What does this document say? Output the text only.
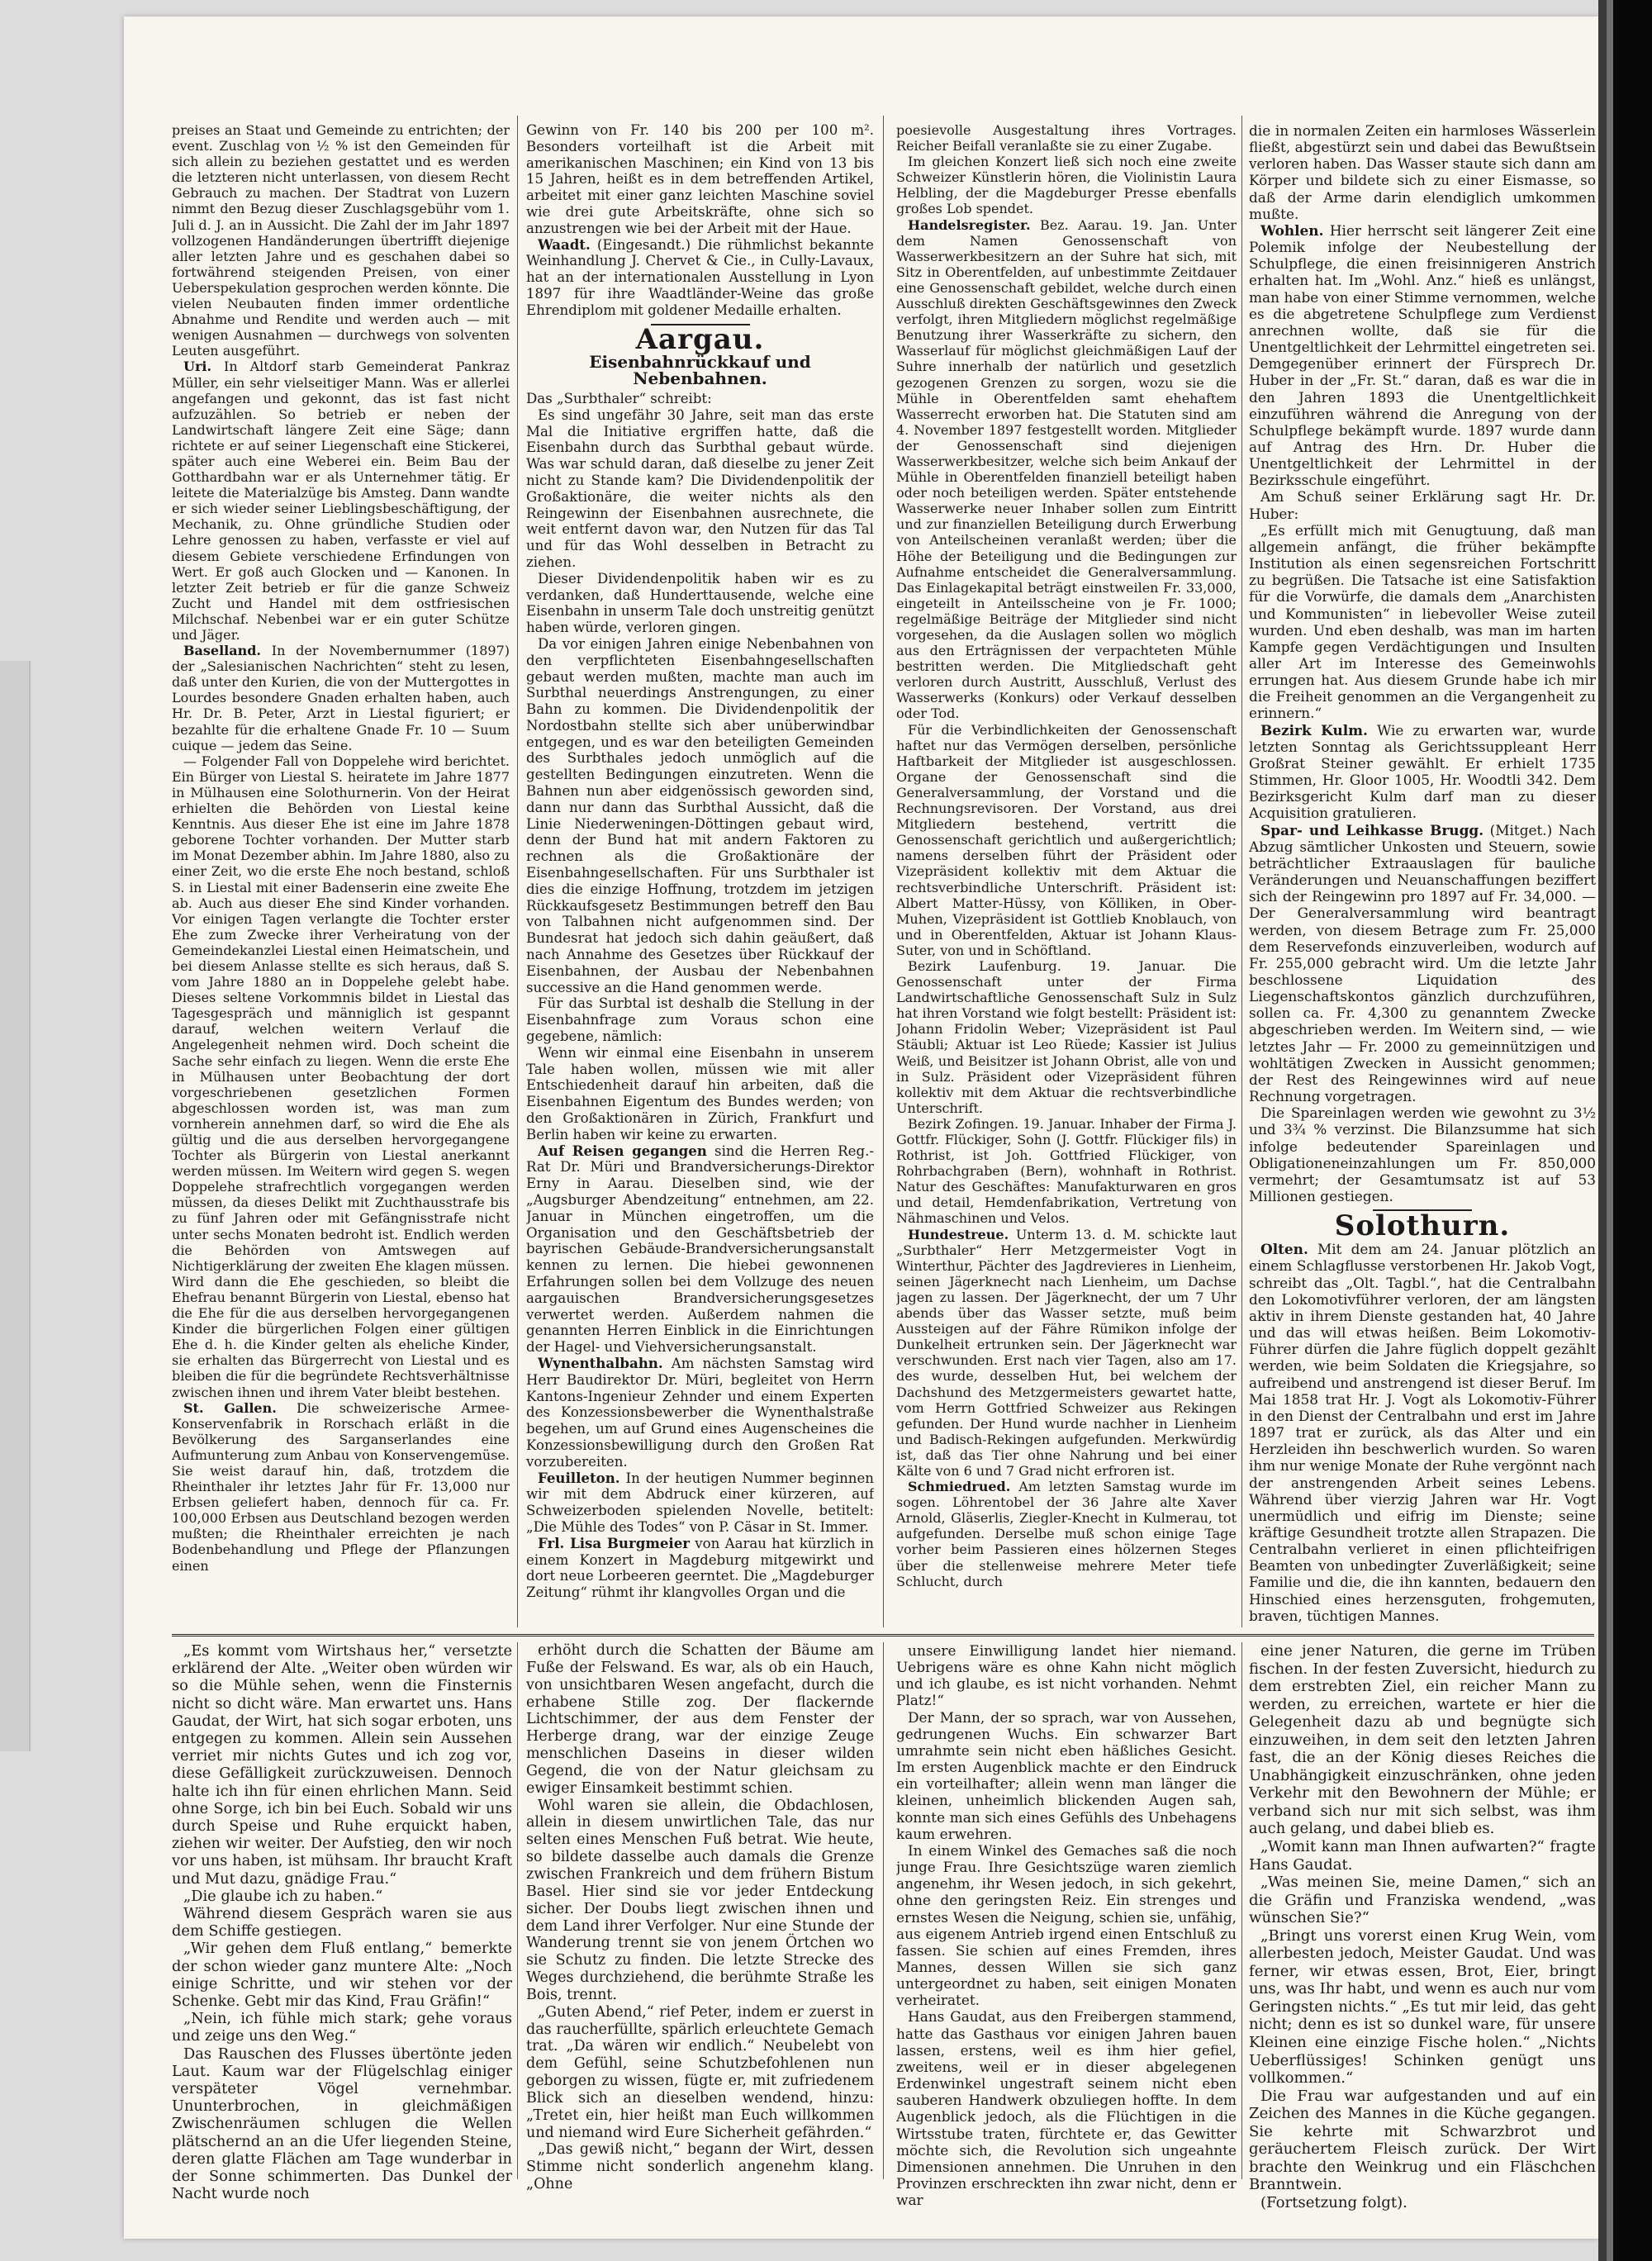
preises an Staat und Gemeinde zu entrichten; der event. Zuschlag von ½ % ist den Gemeinden für sich allein zu beziehen gestattet und es werden die letzteren nicht unterlassen, von diesem Recht Gebrauch zu machen. Der Stadtrat von Luzern nimmt den Bezug dieser Zuschlagsgebühr vom 1. Juli d. J. an in Aussicht. Die Zahl der im Jahr 1897 vollzogenen Handänderungen übertrifft diejenige aller letzten Jahre und es geschahen dabei so fortwährend steigenden Preisen, von einer Ueberspekulation gesprochen werden könnte. Die vielen Neubauten finden immer ordentliche Abnahme und Rendite und werden auch — mit wenigen Ausnahmen — durchwegs von solventen Leuten ausgeführt.

Uri. In Altdorf starb Gemeinderat Pankraz Müller, ein sehr vielseitiger Mann. Was er allerlei angefangen und gekonnt, das ist fast nicht aufzuzählen. So betrieb er neben der Landwirtschaft längere Zeit eine Säge; dann richtete er auf seiner Liegenschaft eine Stickerei, später auch eine Weberei ein. Beim Bau der Gotthardbahn war er als Unternehmer tätig. Er leitete die Materialzüge bis Amsteg. Dann wandte er sich wieder seiner Lieblingsbeschäftigung, der Mechanik, zu. Ohne gründliche Studien oder Lehre genossen zu haben, verfasste er viel auf diesem Gebiete verschiedene Erfindungen von Wert. Er goß auch Glocken und — Kanonen. In letzter Zeit betrieb er für die ganze Schweiz Zucht und Handel mit dem ostfriesischen Milchschaf. Nebenbei war er ein guter Schütze und Jäger.

Baselland. In der Novembernummer (1897) der „Salesianischen Nachrichten“ steht zu lesen, daß unter den Kurien, die von der Muttergottes in Lourdes besondere Gnaden erhalten haben, auch Hr. Dr. B. Peter, Arzt in Liestal figuriert; er bezahlte für die erhaltene Gnade Fr. 10 — Suum cuique — jedem das Seine.

— Folgender Fall von Doppelehe wird berichtet. Ein Bürger von Liestal S. heiratete im Jahre 1877 in Mülhausen eine Solothurnerin. Von der Heirat erhielten die Behörden von Liestal keine Kenntnis. Aus dieser Ehe ist eine im Jahre 1878 geborene Tochter vorhanden. Der Mutter starb im Monat Dezember abhin. Im Jahre 1880, also zu einer Zeit, wo die erste Ehe noch bestand, schloß S. in Liestal mit einer Badenserin eine zweite Ehe ab. Auch aus dieser Ehe sind Kinder vorhanden. Vor einigen Tagen verlangte die Tochter erster Ehe zum Zwecke ihrer Verheiratung von der Gemeindekanzlei Liestal einen Heimatschein, und bei diesem Anlasse stellte es sich heraus, daß S. vom Jahre 1880 an in Doppelehe gelebt habe. Dieses seltene Vorkommnis bildet in Liestal das Tagesgespräch und männiglich ist gespannt darauf, welchen weitern Verlauf die Angelegenheit nehmen wird. Doch scheint die Sache sehr einfach zu liegen. Wenn die erste Ehe in Mülhausen unter Beobachtung der dort vorgeschriebenen gesetzlichen Formen abgeschlossen worden ist, was man zum vornherein annehmen darf, so wird die Ehe als gültig und die aus derselben hervorgegangene Tochter als Bürgerin von Liestal anerkannt werden müssen. Im Weitern wird gegen S. wegen Doppelehe strafrechtlich vorgegangen werden müssen, da dieses Delikt mit Zuchthausstrafe bis zu fünf Jahren oder mit Gefängnisstrafe nicht unter sechs Monaten bedroht ist. Endlich werden die Behörden von Amtswegen auf Nichtigerklärung der zweiten Ehe klagen müssen. Wird dann die Ehe geschieden, so bleibt die Ehefrau benannt Bürgerin von Liestal, ebenso hat die Ehe für die aus derselben hervorgegangenen Kinder die bürgerlichen Folgen einer gültigen Ehe d. h. die Kinder gelten als eheliche Kinder, sie erhalten das Bürgerrecht von Liestal und es bleiben die für die begründete Rechtsverhältnisse zwischen ihnen und ihrem Vater bleibt bestehen.

St. Gallen. Die schweizerische Armee-Konservenfabrik in Rorschach erläßt in die Bevölkerung des Sarganserlandes eine Aufmunterung zum Anbau von Konservengemüse. Sie weist darauf hin, daß, trotzdem die Rheinthaler ihr letztes Jahr für Fr. 13,000 nur Erbsen geliefert haben, dennoch für ca. Fr. 100,000 Erbsen aus Deutschland bezogen werden mußten; die Rheinthaler erreichten je nach Bodenbehandlung und Pflege der Pflanzungen einen

Gewinn von Fr. 140 bis 200 per 100 m². Besonders vorteilhaft ist die Arbeit mit amerikanischen Maschinen; ein Kind von 13 bis 15 Jahren, heißt es in dem betreffenden Artikel, arbeitet mit einer ganz leichten Maschine soviel wie drei gute Arbeitskräfte, ohne sich so anzustrengen wie bei der Arbeit mit der Haue.

Waadt. (Eingesandt.) Die rühmlichst bekannte Weinhandlung J. Chervet & Cie., in Cully-Lavaux, hat an der internationalen Ausstellung in Lyon 1897 für ihre Waadtländer-Weine das große Ehrendiplom mit goldener Medaille erhalten.

Aargau.
Eisenbahnrückkauf und Nebenbahnen.

Das „Surbthaler“ schreibt:

Es sind ungefähr 30 Jahre, seit man das erste Mal die Initiative ergriffen hatte, daß die Eisenbahn durch das Surbthal gebaut würde. Was war schuld daran, daß dieselbe zu jener Zeit nicht zu Stande kam? Die Dividendenpolitik der Großaktionäre, die weiter nichts als den Reingewinn der Eisenbahnen ausrechnete, die weit entfernt davon war, den Nutzen für das Tal und für das Wohl desselben in Betracht zu ziehen.

Dieser Dividendenpolitik haben wir es zu verdanken, daß Hunderttausende, welche eine Eisenbahn in unserm Tale doch unstreitig genützt haben würde, verloren gingen.

Da vor einigen Jahren einige Nebenbahnen von den verpflichteten Eisenbahngesellschaften gebaut werden mußten, machte man auch im Surbthal neuerdings Anstrengungen, zu einer Bahn zu kommen. Die Dividendenpolitik der Nordostbahn stellte sich aber unüberwindbar entgegen, und es war den beteiligten Gemeinden des Surbthales jedoch unmöglich auf die gestellten Bedingungen einzutreten. Wenn die Bahnen nun aber eidgenössisch geworden sind, dann nur dann das Surbthal Aussicht, daß die Linie Niederweningen-Döttingen gebaut wird, denn der Bund hat mit andern Faktoren zu rechnen als die Großaktionäre der Eisenbahngesellschaften. Für uns Surbthaler ist dies die einzige Hoffnung, trotzdem im jetzigen Rückkaufsgesetz Bestimmungen betreff den Bau von Talbahnen nicht aufgenommen sind. Der Bundesrat hat jedoch sich dahin geäußert, daß nach Annahme des Gesetzes über Rückkauf der Eisenbahnen, der Ausbau der Nebenbahnen successive an die Hand genommen werde.

Für das Surbtal ist deshalb die Stellung in der Eisenbahnfrage zum Voraus schon eine gegebene, nämlich:

Wenn wir einmal eine Eisenbahn in unserem Tale haben wollen, müssen wie mit aller Entschiedenheit darauf hin arbeiten, daß die Eisenbahnen Eigentum des Bundes werden; von den Großaktionären in Zürich, Frankfurt und Berlin haben wir keine zu erwarten.

Auf Reisen gegangen sind die Herren Reg.-Rat Dr. Müri und Brandversicherungs-Direktor Erny in Aarau. Dieselben sind, wie der „Augsburger Abendzeitung“ entnehmen, am 22. Januar in München eingetroffen, um die Organisation und den Geschäftsbetrieb der bayrischen Gebäude-Brandversicherungsanstalt kennen zu lernen. Die hiebei gewonnenen Erfahrungen sollen bei dem Vollzuge des neuen aargauischen Brandversicherungsgesetzes verwertet werden. Außerdem nahmen die genannten Herren Einblick in die Einrichtungen der Hagel- und Viehversicherungsanstalt.

Wynenthalbahn. Am nächsten Samstag wird Herr Baudirektor Dr. Müri, begleitet von Herrn Kantons-Ingenieur Zehnder und einem Experten des Konzessionsbewerber die Wynenthalstraße begehen, um auf Grund eines Augenscheines die Konzessionsbewilligung durch den Großen Rat vorzubereiten.

Feuilleton. In der heutigen Nummer beginnen wir mit dem Abdruck einer kürzeren, auf Schweizerboden spielenden Novelle, betitelt: „Die Mühle des Todes“ von P. Cäsar in St. Immer.

Frl. Lisa Burgmeier von Aarau hat kürzlich in einem Konzert in Magdeburg mitgewirkt und dort neue Lorbeeren geerntet. Die „Magdeburger Zeitung“ rühmt ihr klangvolles Organ und die

poesievolle Ausgestaltung ihres Vortrages. Reicher Beifall veranlaßte sie zu einer Zugabe.

Im gleichen Konzert ließ sich noch eine zweite Schweizer Künstlerin hören, die Violinistin Laura Helbling, der die Magdeburger Presse ebenfalls großes Lob spendet.

Handelsregister. Bez. Aarau. 19. Jan. Unter dem Namen Genossenschaft von Wasserwerkbesitzern an der Suhre hat sich, mit Sitz in Oberentfelden, auf unbestimmte Zeitdauer eine Genossenschaft gebildet, welche durch einen Ausschluß direkten Geschäftsgewinnes den Zweck verfolgt, ihren Mitgliedern möglichst regelmäßige Benutzung ihrer Wasserkräfte zu sichern, den Wasserlauf für möglichst gleichmäßigen Lauf der Suhre innerhalb der natürlich und gesetzlich gezogenen Grenzen zu sorgen, wozu sie die Mühle in Oberentfelden samt ehehaftem Wasserrecht erworben hat. Die Statuten sind am 4. November 1897 festgestellt worden. Mitglieder der Genossenschaft sind diejenigen Wasserwerkbesitzer, welche sich beim Ankauf der Mühle in Oberentfelden finanziell beteiligt haben oder noch beteiligen werden. Später entstehende Wasserwerke neuer Inhaber sollen zum Eintritt und zur finanziellen Beteiligung durch Erwerbung von Anteilscheinen veranlaßt werden; über die Höhe der Beteiligung und die Bedingungen zur Aufnahme entscheidet die Generalversammlung. Das Einlagekapital beträgt einstweilen Fr. 33,000, eingeteilt in Anteilsscheine von je Fr. 1000; regelmäßige Beiträge der Mitglieder sind nicht vorgesehen, da die Auslagen sollen wo möglich aus den Erträgnissen der verpachteten Mühle bestritten werden. Die Mitgliedschaft geht verloren durch Austritt, Ausschluß, Verlust des Wasserwerks (Konkurs) oder Verkauf desselben oder Tod.

Für die Verbindlichkeiten der Genossenschaft haftet nur das Vermögen derselben, persönliche Haftbarkeit der Mitglieder ist ausgeschlossen. Organe der Genossenschaft sind die Generalversammlung, der Vorstand und die Rechnungsrevisoren. Der Vorstand, aus drei Mitgliedern bestehend, vertritt die Genossenschaft gerichtlich und außergerichtlich; namens derselben führt der Präsident oder Vizepräsident kollektiv mit dem Aktuar die rechtsverbindliche Unterschrift. Präsident ist: Albert Matter-Hüssy, von Kölliken, in Ober-Muhen, Vizepräsident ist Gottlieb Knoblauch, von und in Oberentfelden, Aktuar ist Johann Klaus-Suter, von und in Schöftland.

Bezirk Laufenburg. 19. Januar. Die Genossenschaft unter der Firma Landwirtschaftliche Genossenschaft Sulz in Sulz hat ihren Vorstand wie folgt bestellt: Präsident ist: Johann Fridolin Weber; Vizepräsident ist Paul Stäubli; Aktuar ist Leo Rüede; Kassier ist Julius Weiß, und Beisitzer ist Johann Obrist, alle von und in Sulz. Präsident oder Vizepräsident führen kollektiv mit dem Aktuar die rechtsverbindliche Unterschrift.

Bezirk Zofingen. 19. Januar. Inhaber der Firma J. Gottfr. Flückiger, Sohn (J. Gottfr. Flückiger fils) in Rothrist, ist Joh. Gottfried Flückiger, von Rohrbachgraben (Bern), wohnhaft in Rothrist. Natur des Geschäftes: Manufakturwaren en gros und detail, Hemdenfabrikation, Vertretung von Nähmaschinen und Velos.

Hundestreue. Unterm 13. d. M. schickte laut „Surbthaler“ Herr Metzgermeister Vogt in Winterthur, Pächter des Jagdrevieres in Lienheim, seinen Jägerknecht nach Lienheim, um Dachse jagen zu lassen. Der Jägerknecht, der um 7 Uhr abends über das Wasser setzte, muß beim Aussteigen auf der Fähre Rümikon infolge der Dunkelheit ertrunken sein. Der Jägerknecht war verschwunden. Erst nach vier Tagen, also am 17. des wurde, desselben Hut, bei welchem der Dachshund des Metzgermeisters gewartet hatte, vom Herrn Gottfried Schweizer aus Rekingen gefunden. Der Hund wurde nachher in Lienheim und Badisch-Rekingen aufgefunden. Merkwürdig ist, daß das Tier ohne Nahrung und bei einer Kälte von 6 und 7 Grad nicht erfroren ist.

Schmiedrued. Am letzten Samstag wurde im sogen. Löhrentobel der 36 Jahre alte Xaver Arnold, Gläserlis, Ziegler-Knecht in Kulmerau, tot aufgefunden. Derselbe muß schon einige Tage vorher beim Passieren eines hölzernen Steges über die stellenweise mehrere Meter tiefe Schlucht, durch

die in normalen Zeiten ein harmloses Wässerlein fließt, abgestürzt sein und dabei das Bewußtsein verloren haben. Das Wasser staute sich dann am Körper und bildete sich zu einer Eismasse, so daß der Arme darin elendiglich umkommen mußte.

Wohlen. Hier herrscht seit längerer Zeit eine Polemik infolge der Neubestellung der Schulpflege, die einen freisinnigeren Anstrich erhalten hat. Im „Wohl. Anz.“ hieß es unlängst, man habe von einer Stimme vernommen, welche es die abgetretene Schulpflege zum Verdienst anrechnen wollte, daß sie für die Unentgeltlichkeit der Lehrmittel eingetreten sei. Demgegenüber erinnert der Fürsprech Dr. Huber in der „Fr. St.“ daran, daß es war die in den Jahren 1893 die Unentgeltlichkeit einzuführen während die Anregung von der Schulpflege bekämpft wurde. 1897 wurde dann auf Antrag des Hrn. Dr. Huber die Unentgeltlichkeit der Lehrmittel in der Bezirksschule eingeführt.

Am Schuß seiner Erklärung sagt Hr. Dr. Huber:

„Es erfüllt mich mit Genugtuung, daß man allgemein anfängt, die früher bekämpfte Institution als einen segensreichen Fortschritt zu begrüßen. Die Tatsache ist eine Satisfaktion für die Vorwürfe, die damals dem „Anarchisten und Kommunisten“ in liebevoller Weise zuteil wurden. Und eben deshalb, was man im harten Kampfe gegen Verdächtigungen und Insulten aller Art im Interesse des Gemeinwohls errungen hat. Aus diesem Grunde habe ich mir die Freiheit genommen an die Vergangenheit zu erinnern.“

Bezirk Kulm. Wie zu erwarten war, wurde letzten Sonntag als Gerichtssuppleant Herr Großrat Steiner gewählt. Er erhielt 1735 Stimmen, Hr. Gloor 1005, Hr. Woodtli 342. Dem Bezirksgericht Kulm darf man zu dieser Acquisition gratulieren.

Spar- und Leihkasse Brugg. (Mitget.) Nach Abzug sämtlicher Unkosten und Steuern, sowie beträchtlicher Extraauslagen für bauliche Veränderungen und Neuanschaffungen beziffert sich der Reingewinn pro 1897 auf Fr. 34,000. — Der Generalversammlung wird beantragt werden, von diesem Betrage zum Fr. 25,000 dem Reservefonds einzuverleiben, wodurch auf Fr. 255,000 gebracht wird. Um die letzte Jahr beschlossene Liquidation des Liegenschaftskontos gänzlich durchzuführen, sollen ca. Fr. 4,300 zu genanntem Zwecke abgeschrieben werden. Im Weitern sind, — wie letztes Jahr — Fr. 2000 zu gemeinnützigen und wohltätigen Zwecken in Aussicht genommen; der Rest des Reingewinnes wird auf neue Rechnung vorgetragen.

Die Spareinlagen werden wie gewohnt zu 3½ und 3¾ % verzinst. Die Bilanzsumme hat sich infolge bedeutender Spareinlagen und Obligationeneinzahlungen um Fr. 850,000 vermehrt; der Gesamtumsatz ist auf 53 Millionen gestiegen.

Solothurn.

Olten. Mit dem am 24. Januar plötzlich an einem Schlagflusse verstorbenen Hr. Jakob Vogt, schreibt das „Olt. Tagbl.“, hat die Centralbahn den Lokomotivführer verloren, der am längsten aktiv in ihrem Dienste gestanden hat, 40 Jahre und das will etwas heißen. Beim Lokomotiv-Führer dürfen die Jahre füglich doppelt gezählt werden, wie beim Soldaten die Kriegsjahre, so aufreibend und anstrengend ist dieser Beruf. Im Mai 1858 trat Hr. J. Vogt als Lokomotiv-Führer in den Dienst der Centralbahn und erst im Jahre 1897 trat er zurück, als das Alter und ein Herzleiden ihn beschwerlich wurden. So waren ihm nur wenige Monate der Ruhe vergönnt nach der anstrengenden Arbeit seines Lebens. Während über vierzig Jahren war Hr. Vogt unermüdlich und eifrig im Dienste; seine kräftige Gesundheit trotzte allen Strapazen. Die Centralbahn verlieret in einen pflichteifrigen Beamten von unbedingter Zuverläßigkeit; seine Familie und die, die ihn kannten, bedauern den Hinschied eines herzensguten, frohgemuten, braven, tüchtigen Mannes.

„Es kommt vom Wirtshaus her,“ versetzte erklärend der Alte. „Weiter oben würden wir so die Mühle sehen, wenn die Finsternis nicht so dicht wäre. Man erwartet uns. Hans Gaudat, der Wirt, hat sich sogar erboten, uns entgegen zu kommen. Allein sein Aussehen verriet mir nichts Gutes und ich zog vor, diese Gefälligkeit zurückzuweisen. Dennoch halte ich ihn für einen ehrlichen Mann. Seid ohne Sorge, ich bin bei Euch. Sobald wir uns durch Speise und Ruhe erquickt haben, ziehen wir weiter. Der Aufstieg, den wir noch vor uns haben, ist mühsam. Ihr braucht Kraft und Mut dazu, gnädige Frau.“

„Die glaube ich zu haben.“

Während diesem Gespräch waren sie aus dem Schiffe gestiegen.

„Wir gehen dem Fluß entlang,“ bemerkte der schon wieder ganz muntere Alte: „Noch einige Schritte, und wir stehen vor der Schenke. Gebt mir das Kind, Frau Gräfin!“

„Nein, ich fühle mich stark; gehe voraus und zeige uns den Weg.“

Das Rauschen des Flusses übertönte jeden Laut. Kaum war der Flügelschlag einiger verspäteter Vögel vernehmbar. Ununterbrochen, in gleichmäßigen Zwischenräumen schlugen die Wellen plätschernd an an die Ufer liegenden Steine, deren glatte Flächen am Tage wunderbar in der Sonne schimmerten. Das Dunkel der Nacht wurde noch

erhöht durch die Schatten der Bäume am Fuße der Felswand. Es war, als ob ein Hauch, von unsichtbaren Wesen angefacht, durch die erhabene Stille zog. Der flackernde Lichtschimmer, der aus dem Fenster der Herberge drang, war der einzige Zeuge menschlichen Daseins in dieser wilden Gegend, die von der Natur gleichsam zu ewiger Einsamkeit bestimmt schien.

Wohl waren sie allein, die Obdachlosen, allein in diesem unwirtlichen Tale, das nur selten eines Menschen Fuß betrat. Wie heute, so bildete dasselbe auch damals die Grenze zwischen Frankreich und dem frühern Bistum Basel. Hier sind sie vor jeder Entdeckung sicher. Der Doubs liegt zwischen ihnen und dem Land ihrer Verfolger. Nur eine Stunde der Wanderung trennt sie von jenem Örtchen wo sie Schutz zu finden. Die letzte Strecke des Weges durchziehend, die berühmte Straße les Bois, trennt.

„Guten Abend,“ rief Peter, indem er zuerst in das raucherfüllte, spärlich erleuchtete Gemach trat. „Da wären wir endlich.“ Neubelebt von dem Gefühl, seine Schutzbefohlenen nun geborgen zu wissen, fügte er, mit zufriedenem Blick sich an dieselben wendend, hinzu: „Tretet ein, hier heißt man Euch willkommen und niemand wird Eure Sicherheit gefährden.“

„Das gewiß nicht,“ begann der Wirt, dessen Stimme nicht sonderlich angenehm klang. „Ohne

unsere Einwilligung landet hier niemand. Uebrigens wäre es ohne Kahn nicht möglich und ich glaube, es ist nicht vorhanden. Nehmt Platz!“

Der Mann, der so sprach, war von Aussehen, gedrungenen Wuchs. Ein schwarzer Bart umrahmte sein nicht eben häßliches Gesicht. Im ersten Augenblick machte er den Eindruck ein vorteilhafter; allein wenn man länger die kleinen, unheimlich blickenden Augen sah, konnte man sich eines Gefühls des Unbehagens kaum erwehren.

In einem Winkel des Gemaches saß die noch junge Frau. Ihre Gesichtszüge waren ziemlich angenehm, ihr Wesen jedoch, in sich gekehrt, ohne den geringsten Reiz. Ein strenges und ernstes Wesen die Neigung, schien sie, unfähig, aus eigenem Antrieb irgend einen Entschluß zu fassen. Sie schien auf eines Fremden, ihres Mannes, dessen Willen sie sich ganz untergeordnet zu haben, seit einigen Monaten verheiratet.

Hans Gaudat, aus den Freibergen stammend, hatte das Gasthaus vor einigen Jahren bauen lassen, erstens, weil es ihm hier gefiel, zweitens, weil er in dieser abgelegenen Erdenwinkel ungestraft seinem nicht eben sauberen Handwerk obzuliegen hoffte. In dem Augenblick jedoch, als die Flüchtigen in die Wirtsstube traten, fürchtete er, das Gewitter möchte sich, die Revolution sich ungeahnte Dimensionen annehmen. Die Unruhen in den Provinzen erschreckten ihn zwar nicht, denn er war

eine jener Naturen, die gerne im Trüben fischen. In der festen Zuversicht, hiedurch zu dem erstrebten Ziel, ein reicher Mann zu werden, zu erreichen, wartete er hier die Gelegenheit dazu ab und begnügte sich einzuweihen, in dem seit den letzten Jahren fast, die an der König dieses Reiches die Unabhängigkeit einzuschränken, ohne jeden Verkehr mit den Bewohnern der Mühle; er verband sich nur mit sich selbst, was ihm auch gelang, und dabei blieb es.

„Womit kann man Ihnen aufwarten?“ fragte Hans Gaudat.

„Was meinen Sie, meine Damen,“ sich an die Gräfin und Franziska wendend, „was wünschen Sie?“

„Bringt uns vorerst einen Krug Wein, vom allerbesten jedoch, Meister Gaudat. Und was ferner, wir etwas essen, Brot, Eier, bringt uns, was Ihr habt, und wenn es auch nur vom Geringsten nichts.“ „Es tut mir leid, das geht nicht; denn es ist so dunkel ware, für unsere Kleinen eine einzige Fische holen.“ „Nichts Ueberflüssiges! Schinken genügt uns vollkommen.“

Die Frau war aufgestanden und auf ein Zeichen des Mannes in die Küche gegangen. Sie kehrte mit Schwarzbrot und geräuchertem Fleisch zurück. Der Wirt brachte den Weinkrug und ein Fläschchen Branntwein.

(Fortsetzung folgt).
